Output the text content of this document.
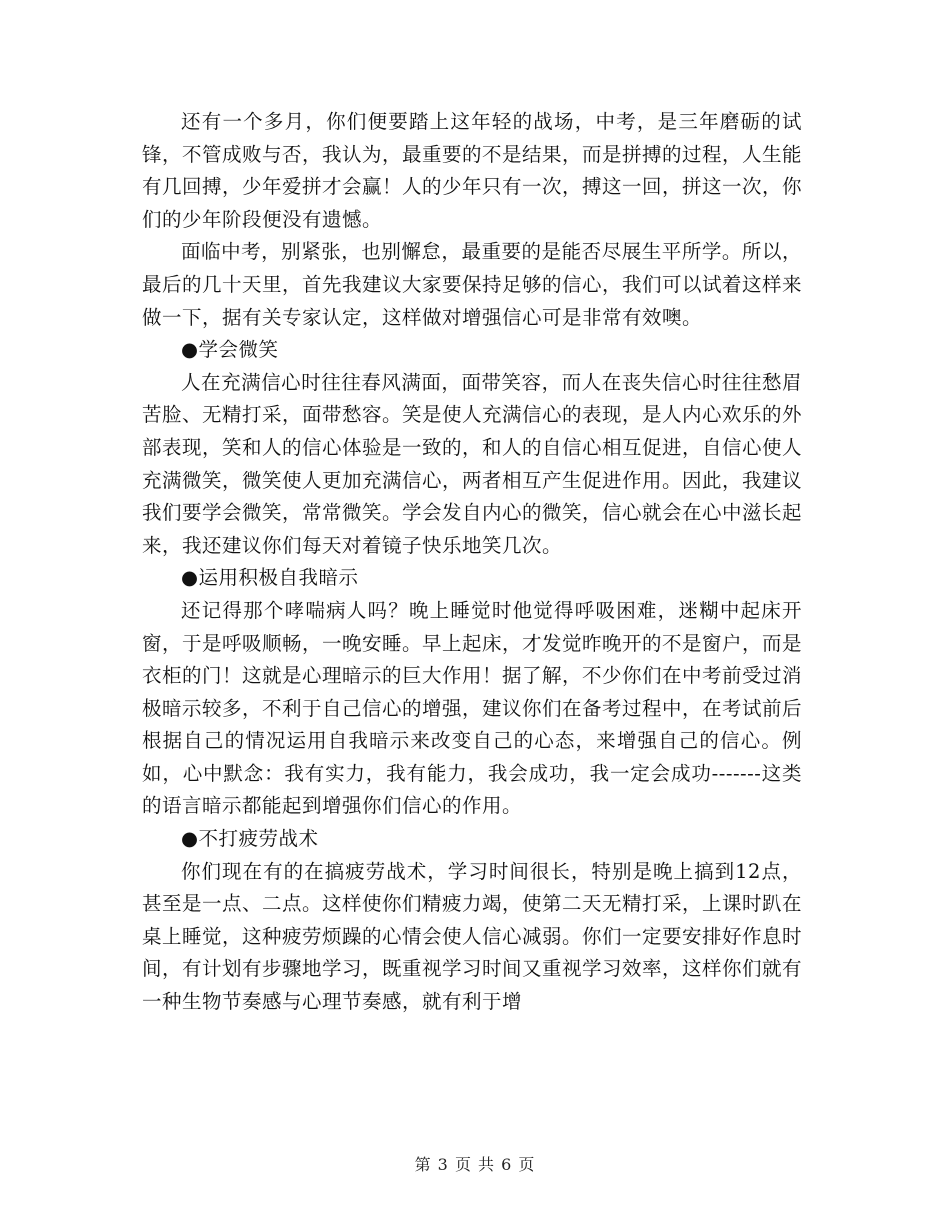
还有一个多月，你们便要踏上这年轻的战场，中考，是三年磨砺的试锋，不管成败与否，我认为，最重要的不是结果，而是拼搏的过程，人生能有几回搏，少年爱拼才会赢！人的少年只有一次，搏这一回，拼这一次，你们的少年阶段便没有遗憾。

面临中考，别紧张，也别懈怠，最重要的是能否尽展生平所学。所以，最后的几十天里，首先我建议大家要保持足够的信心，我们可以试着这样来做一下，据有关专家认定，这样做对增强信心可是非常有效噢。

●学会微笑

人在充满信心时往往春风满面，面带笑容，而人在丧失信心时往往愁眉苦脸、无精打采，面带愁容。笑是使人充满信心的表现，是人内心欢乐的外部表现，笑和人的信心体验是一致的，和人的自信心相互促进，自信心使人充满微笑，微笑使人更加充满信心，两者相互产生促进作用。因此，我建议我们要学会微笑，常常微笑。学会发自内心的微笑，信心就会在心中滋长起来，我还建议你们每天对着镜子快乐地笑几次。

●运用积极自我暗示

还记得那个哮喘病人吗？晚上睡觉时他觉得呼吸困难，迷糊中起床开窗，于是呼吸顺畅，一晚安睡。早上起床，才发觉昨晚开的不是窗户，而是衣柜的门！这就是心理暗示的巨大作用！据了解，不少你们在中考前受过消极暗示较多，不利于自己信心的增强，建议你们在备考过程中，在考试前后根据自己的情况运用自我暗示来改变自己的心态，来增强自己的信心。例如，心中默念：我有实力，我有能力，我会成功，我一定会成功-------这类的语言暗示都能起到增强你们信心的作用。

●不打疲劳战术

你们现在有的在搞疲劳战术，学习时间很长，特别是晚上搞到12点，甚至是一点、二点。这样使你们精疲力竭，使第二天无精打采，上课时趴在桌上睡觉，这种疲劳烦躁的心情会使人信心减弱。你们一定要安排好作息时间，有计划有步骤地学习，既重视学习时间又重视学习效率，这样你们就有一种生物节奏感与心理节奏感，就有利于增

第 3 页 共 6 页
